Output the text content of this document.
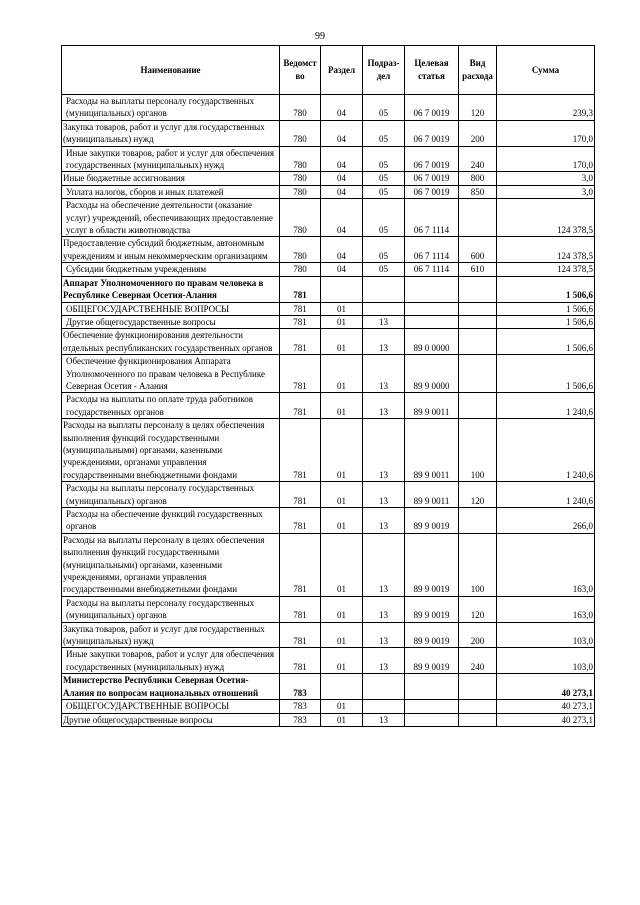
99
Наименование	Ведомст во	Раздел	Подраз- дел	Целевая статья	Вид расхода	Сумма
Расходы на выплаты персоналу государственных (муниципальных) органов	780	04	05	06 7 0019	120	239,3
Закупка товаров, работ и услуг для государственных (муниципальных) нужд	780	04	05	06 7 0019	200	170,0
Иные закупки товаров, работ и услуг для обеспечения государственных (муниципальных) нужд	780	04	05	06 7 0019	240	170,0
Иные бюджетные ассигнования	780	04	05	06 7 0019	800	3,0
Уплата налогов, сборов и иных платежей	780	04	05	06 7 0019	850	3,0
Расходы на обеспечение деятельности (оказание услуг) учреждений, обеспечивающих предоставление услуг в области животноводства	780	04	05	06 7 1114		124 378,5
Предоставление субсидий бюджетным, автономным учреждениям и иным некоммерческим организациям	780	04	05	06 7 1114	600	124 378,5
Субсидии бюджетным учреждениям	780	04	05	06 7 1114	610	124 378,5
Аппарат Уполномоченного по правам человека в Республике Северная Осетия-Алания	781					1 506,6
ОБЩЕГОСУДАРСТВЕННЫЕ ВОПРОСЫ	781	01				1 506,6
Другие общегосударственные вопросы	781	01	13			1 506,6
Обеспечение функционирования деятельности отдельных республиканских государственных органов	781	01	13	89 0 0000		1 506,6
Обеспечение функционирования Аппарата Уполномоченного по правам человека в Республике Северная Осетия - Алания	781	01	13	89 9 0000		1 506,6
Расходы на выплаты по оплате труда работников государственных органов	781	01	13	89 9 0011		1 240,6
Расходы на выплаты персоналу в целях обеспечения выполнения функций государственными (муниципальными) органами, казенными учреждениями, органами управления государственными внебюджетными фондами	781	01	13	89 9 0011	100	1 240,6
Расходы на выплаты персоналу государственных (муниципальных) органов	781	01	13	89 9 0011	120	1 240,6
Расходы на обеспечение функций государственных органов	781	01	13	89 9 0019		266,0
Расходы на выплаты персоналу в целях обеспечения выполнения функций государственными (муниципальными) органами, казенными учреждениями, органами управления государственными внебюджетными фондами	781	01	13	89 9 0019	100	163,0
Расходы на выплаты персоналу государственных (муниципальных) органов	781	01	13	89 9 0019	120	163,0
Закупка товаров, работ и услуг для государственных (муниципальных) нужд	781	01	13	89 9 0019	200	103,0
Иные закупки товаров, работ и услуг для обеспечения государственных (муниципальных) нужд	781	01	13	89 9 0019	240	103,0
Министерство Республики Северная Осетия-Алания по вопросам национальных отношений	783					40 273,1
ОБЩЕГОСУДАРСТВЕННЫЕ ВОПРОСЫ	783	01				40 273,1
Другие общегосударственные вопросы	783	01	13			40 273,1
